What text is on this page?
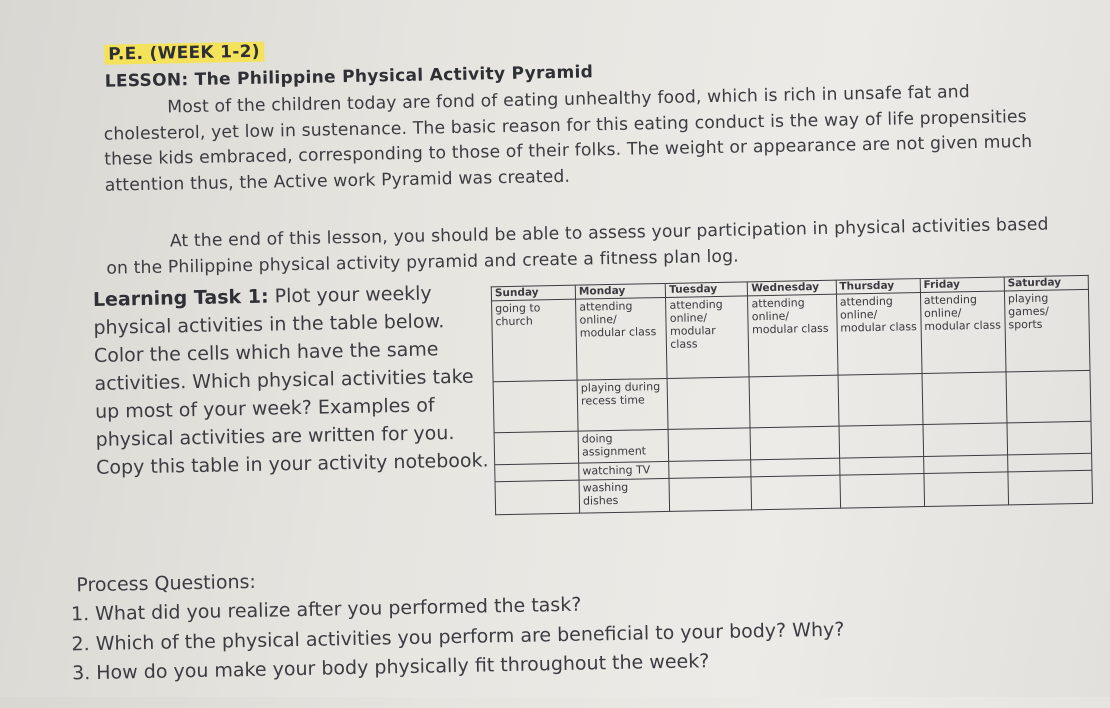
P.E. (WEEK 1-2)
LESSON: The Philippine Physical Activity Pyramid
Most of the children today are fond of eating unhealthy food, which is rich in unsafe fat and cholesterol, yet low in sustenance. The basic reason for this eating conduct is the way of life propensities these kids embraced, corresponding to those of their folks. The weight or appearance are not given much attention thus, the Active work Pyramid was created.
At the end of this lesson, you should be able to assess your participation in physical activities based on the Philippine physical activity pyramid and create a fitness plan log.
Learning Task 1: Plot your weekly physical activities in the table below. Color the cells which have the same activities. Which physical activities take up most of your week? Examples of physical activities are written for you. Copy this table in your activity notebook.
Sunday	Monday	Tuesday	Wednesday	Thursday	Friday	Saturday
going to church	attending online/ modular class	attending online/ modular class	attending online/ modular class	attending online/ modular class	attending online/ modular class	playing games/ sports
	playing during recess time					
	doing assignment					
	watching TV					
	washing dishes					
Process Questions:
1. What did you realize after you performed the task?
2. Which of the physical activities you perform are beneficial to your body? Why?
3. How do you make your body physically fit throughout the week?
